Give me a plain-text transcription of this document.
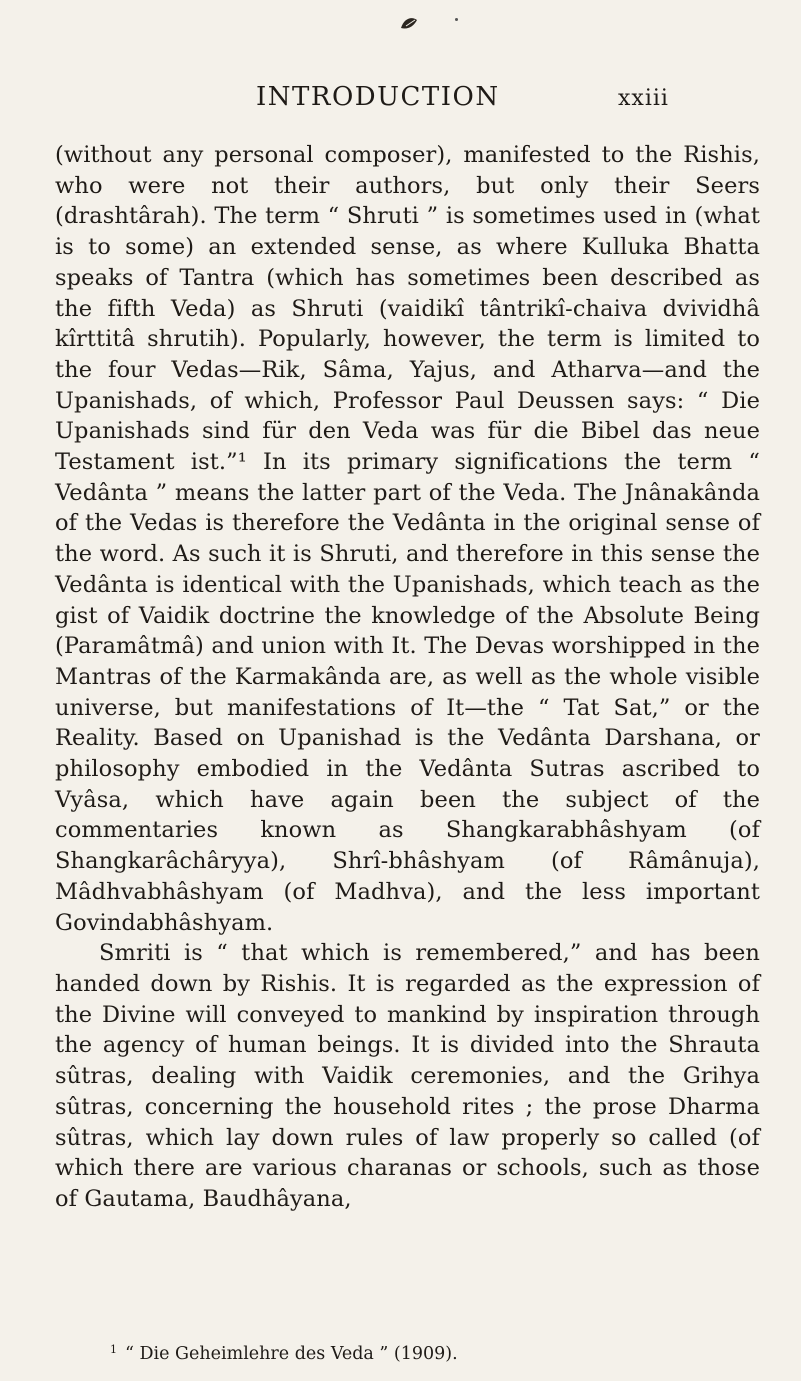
INTRODUCTION	xxiii

(without any personal composer), manifested to the Rishis, who were not their authors, but only their Seers (drashtârah). The term “ Shruti ” is sometimes used in (what is to some) an extended sense, as where Kulluka Bhatta speaks of Tantra (which has sometimes been described as the fifth Veda) as Shruti (vaidikî tântrikî-chaiva dvividhâ kîrttitâ shrutih). Popularly, however, the term is limited to the four Vedas—Rik, Sâma, Yajus, and Atharva—and the Upanishads, of which, Professor Paul Deussen says: “ Die Upanishads sind für den Veda was für die Bibel das neue Testament ist.”¹ In its primary significations the term “ Vedânta ” means the latter part of the Veda. The Jnânakânda of the Vedas is therefore the Vedânta in the original sense of the word. As such it is Shruti, and therefore in this sense the Vedânta is identical with the Upanishads, which teach as the gist of Vaidik doctrine the knowledge of the Absolute Being (Paramâtmâ) and union with It. The Devas worshipped in the Mantras of the Karmakânda are, as well as the whole visible universe, but manifestations of It—the “ Tat Sat,” or the Reality. Based on Upanishad is the Vedânta Darshana, or philosophy embodied in the Vedânta Sutras ascribed to Vyâsa, which have again been the subject of the commentaries known as Shangkarabhâshyam (of Shangkarâchâryya), Shrî-bhâshyam (of Râmânuja), Mâdhvabhâshyam (of Madhva), and the less important Govindabhâshyam.

Smriti is “ that which is remembered,” and has been handed down by Rishis. It is regarded as the expression of the Divine will conveyed to mankind by inspiration through the agency of human beings. It is divided into the Shrauta sûtras, dealing with Vaidik ceremonies, and the Grihya sûtras, concerning the household rites ; the prose Dharma sûtras, which lay down rules of law properly so called (of which there are various charanas or schools, such as those of Gautama, Baudhâyana,

$^1$ “ Die Geheimlehre des Veda ” (1909).
